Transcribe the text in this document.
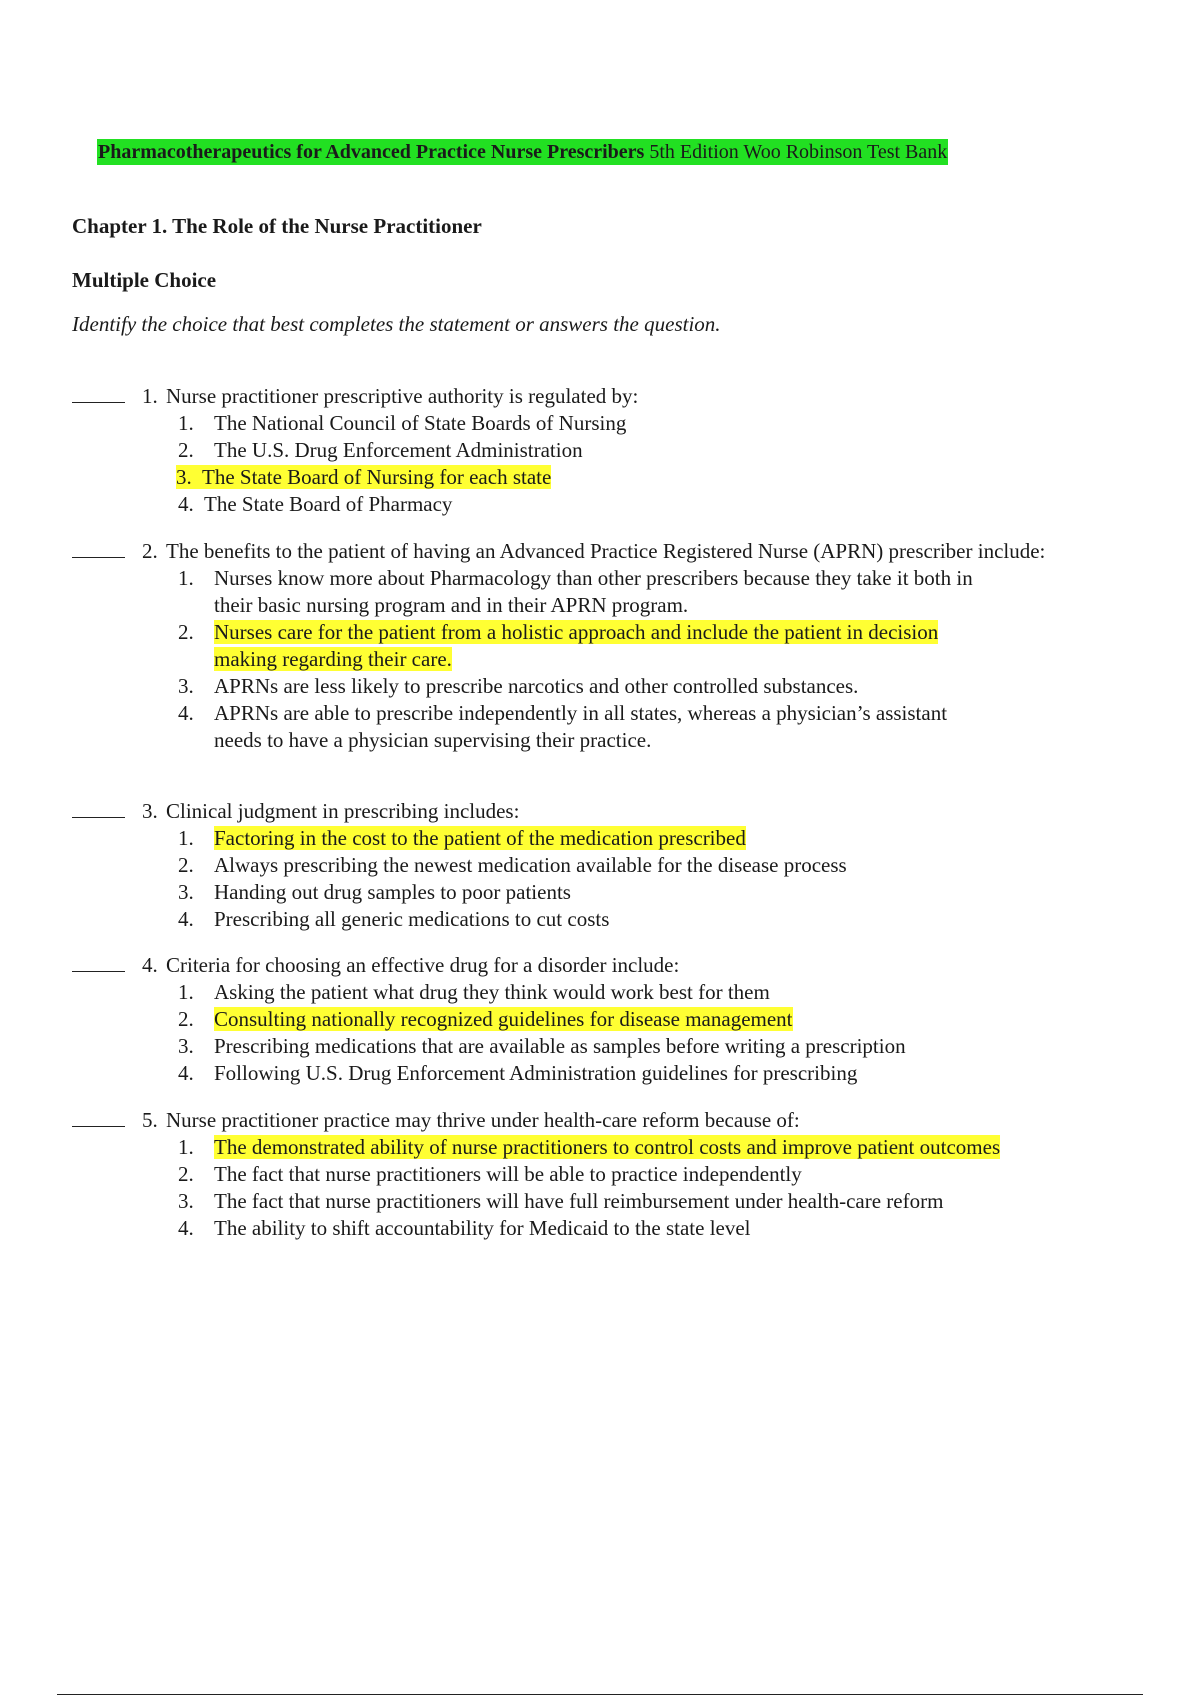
Pharmacotherapeutics for Advanced Practice Nurse Prescribers 5th Edition Woo Robinson Test Bank
Chapter 1. The Role of the Nurse Practitioner
Multiple Choice

Identify the choice that best completes the statement or answers the question.

1. Nurse practitioner prescriptive authority is regulated by:
1. The National Council of State Boards of Nursing
2. The U.S. Drug Enforcement Administration
3. The State Board of Nursing for each state
4. The State Board of Pharmacy
2. The benefits to the patient of having an Advanced Practice Registered Nurse (APRN) prescriber include:
1. Nurses know more about Pharmacology than other prescribers because they take it both in their basic nursing program and in their APRN program.
2. Nurses care for the patient from a holistic approach and include the patient in decision making regarding their care.
3. APRNs are less likely to prescribe narcotics and other controlled substances.
4. APRNs are able to prescribe independently in all states, whereas a physician’s assistant needs to have a physician supervising their practice.
3. Clinical judgment in prescribing includes:
1. Factoring in the cost to the patient of the medication prescribed
2. Always prescribing the newest medication available for the disease process
3. Handing out drug samples to poor patients
4. Prescribing all generic medications to cut costs
4. Criteria for choosing an effective drug for a disorder include:
1. Asking the patient what drug they think would work best for them
2. Consulting nationally recognized guidelines for disease management
3. Prescribing medications that are available as samples before writing a prescription
4. Following U.S. Drug Enforcement Administration guidelines for prescribing
5. Nurse practitioner practice may thrive under health-care reform because of:
1. The demonstrated ability of nurse practitioners to control costs and improve patient outcomes
2. The fact that nurse practitioners will be able to practice independently
3. The fact that nurse practitioners will have full reimbursement under health-care reform
4. The ability to shift accountability for Medicaid to the state level
